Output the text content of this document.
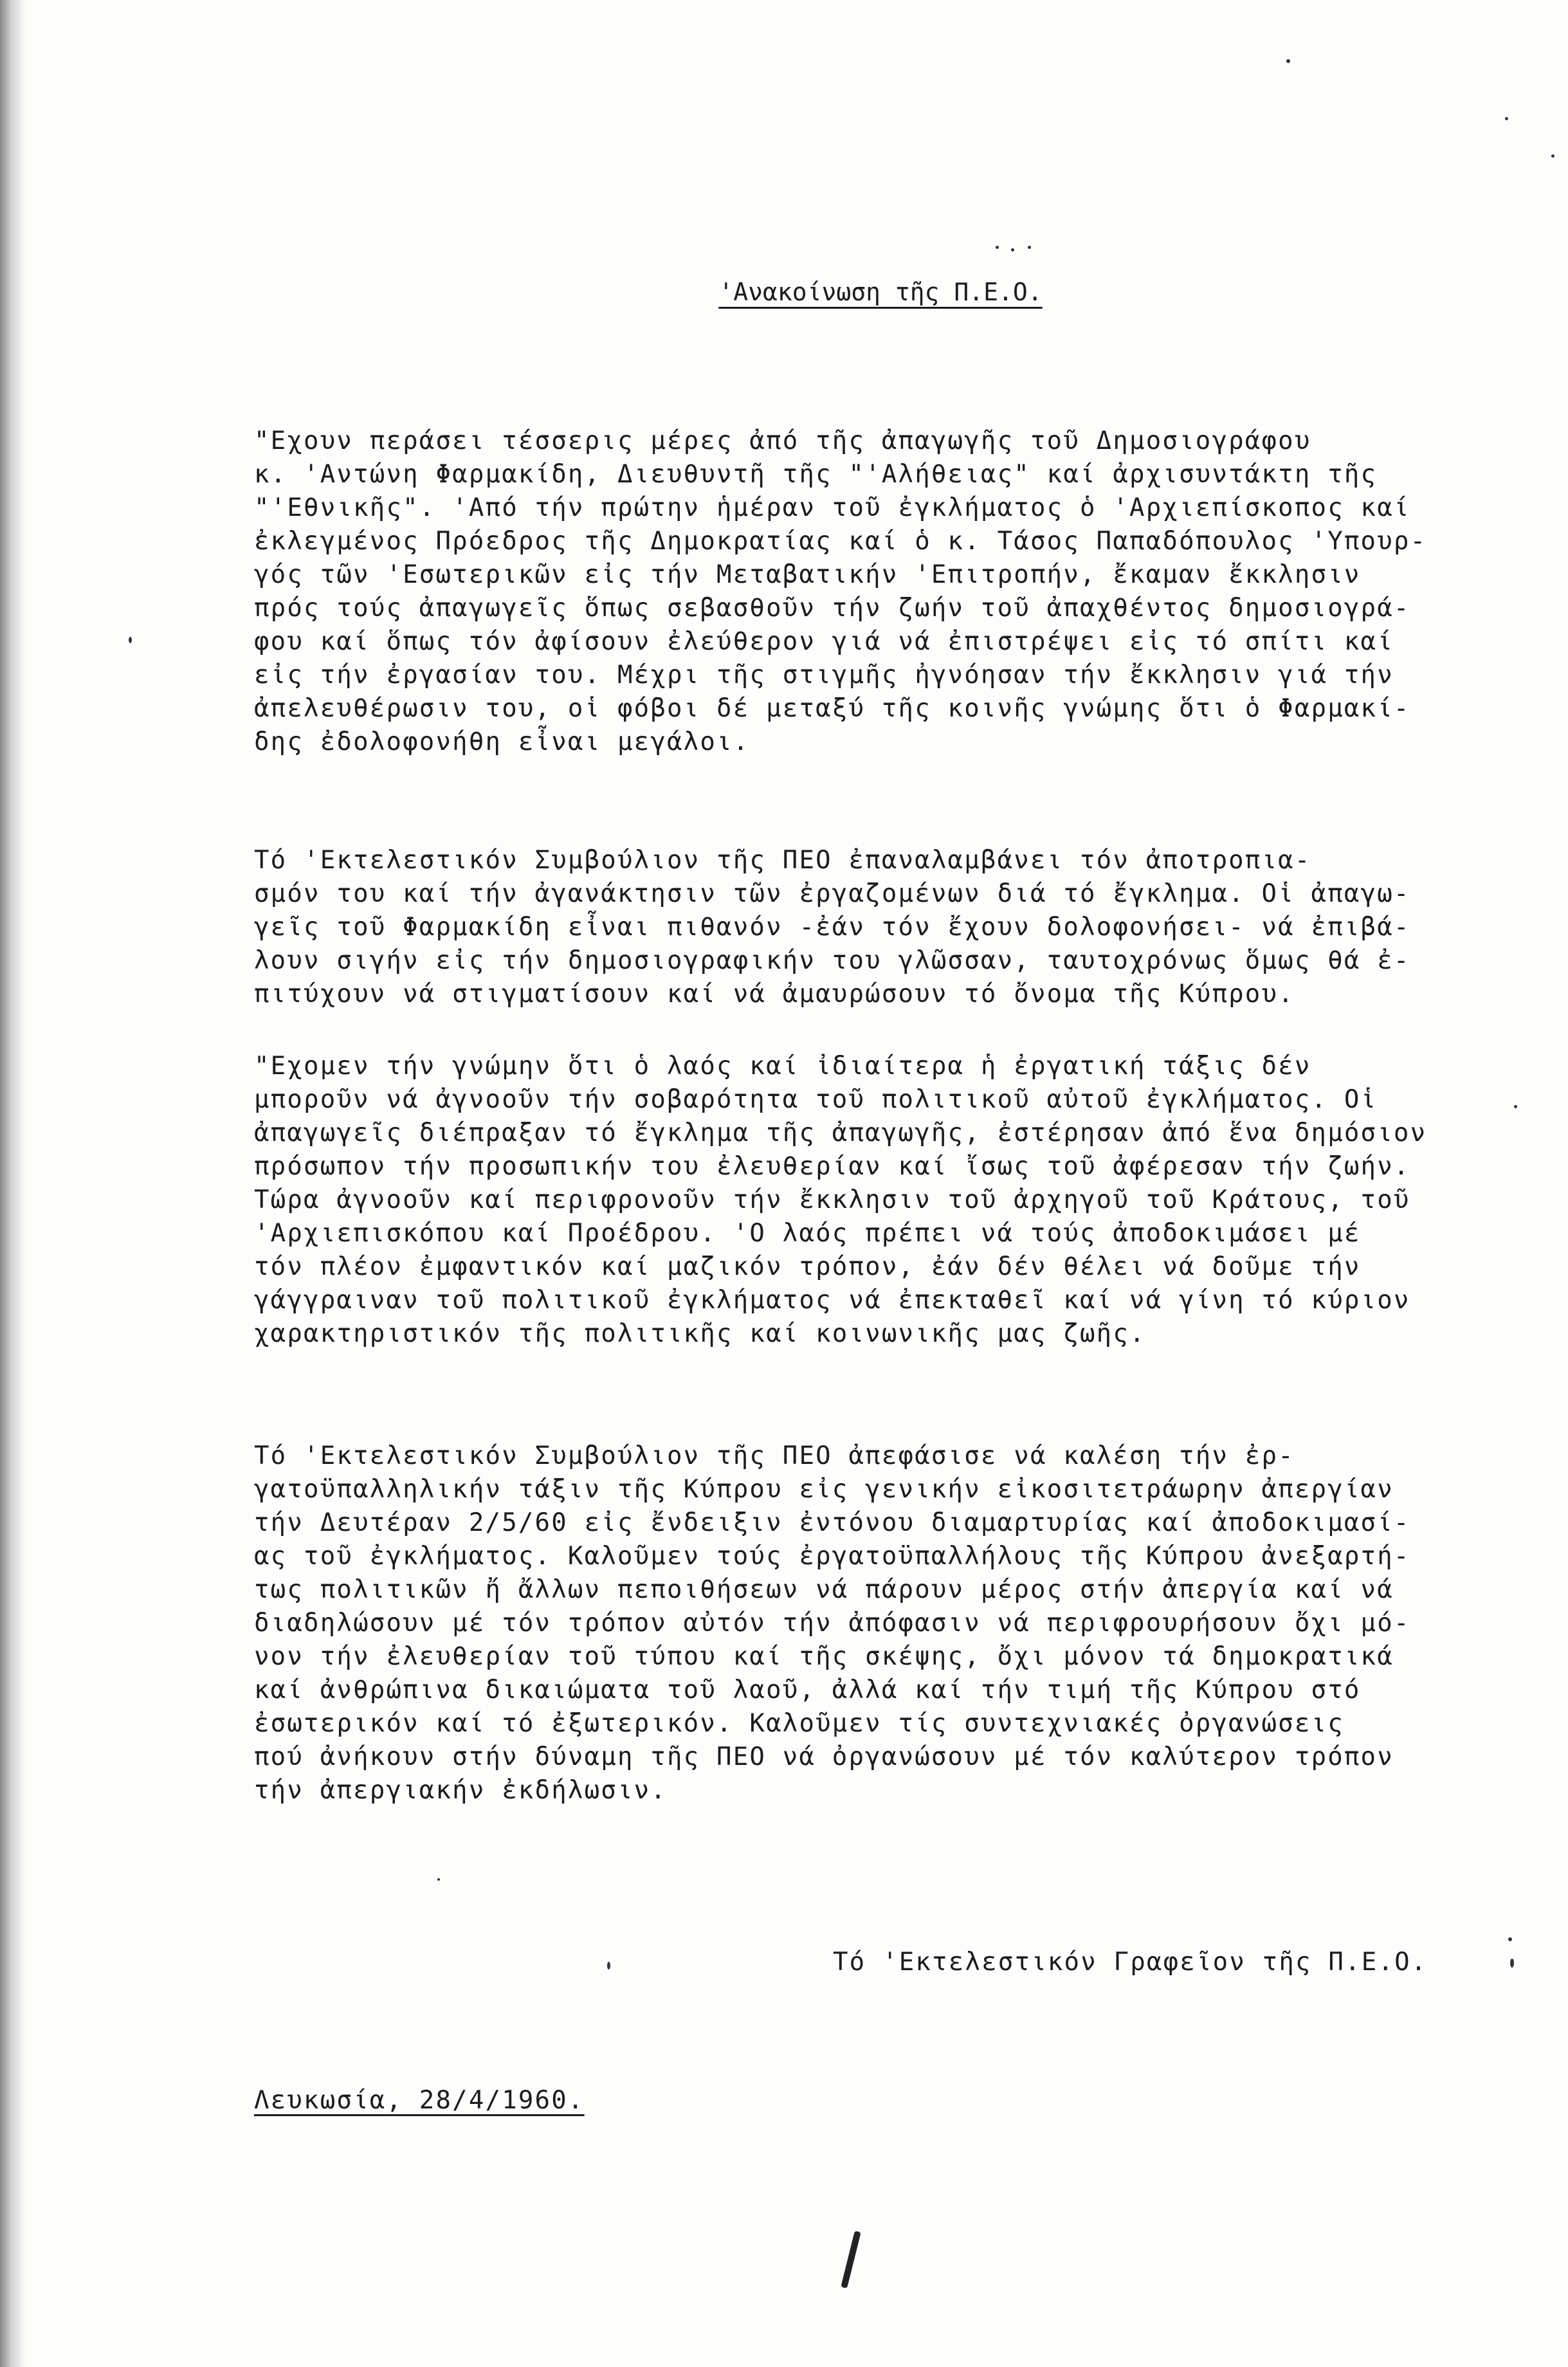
'Ανακοίνωση τῆς Π.Ε.Ο.
"Εχουν περάσει τέσσερις μέρες ἀπό τῆς ἀπαγωγῆς τοῦ Δημοσιογράφου
κ. 'Αντώνη Φαρμακίδη, Διευθυντῆ τῆς "'Αλήθειας" καί ἀρχισυντάκτη τῆς
"'Εθνικῆς". 'Από τήν πρώτην ἡμέραν τοῦ ἐγκλήματος ὁ 'Αρχιεπίσκοπος καί
ἐκλεγμένος Πρόεδρος τῆς Δημοκρατίας καί ὁ κ. Τάσος Παπαδόπουλος 'Υπουρ-
γός τῶν 'Εσωτερικῶν εἰς τήν Μεταβατικήν 'Επιτροπήν, ἔκαμαν ἔκκλησιν
πρός τούς ἀπαγωγεῖς ὅπως σεβασθοῦν τήν ζωήν τοῦ ἀπαχθέντος δημοσιογρά-
φου καί ὅπως τόν ἀφίσουν ἐλεύθερον γιά νά ἐπιστρέψει εἰς τό σπίτι καί
εἰς τήν ἐργασίαν του. Μέχρι τῆς στιγμῆς ἠγνόησαν τήν ἔκκλησιν γιά τήν
ἀπελευθέρωσιν του, οἱ φόβοι δέ μεταξύ τῆς κοινῆς γνώμης ὅτι ὁ Φαρμακί-
δης ἐδολοφονήθη εἶναι μεγάλοι.
Τό 'Εκτελεστικόν Συμβούλιον τῆς ΠΕΟ ἐπαναλαμβάνει τόν ἀποτροπια-
σμόν του καί τήν ἀγανάκτησιν τῶν ἐργαζομένων διά τό ἔγκλημα. Οἱ ἀπαγω-
γεῖς τοῦ Φαρμακίδη εἶναι πιθανόν -ἐάν τόν ἔχουν δολοφονήσει- νά ἐπιβά-
λουν σιγήν εἰς τήν δημοσιογραφικήν του γλῶσσαν, ταυτοχρόνως ὅμως θά ἐ-
πιτύχουν νά στιγματίσουν καί νά ἀμαυρώσουν τό ὄνομα τῆς Κύπρου.
"Εχομεν τήν γνώμην ὅτι ὁ λαός καί ἰδιαίτερα ἡ ἐργατική τάξις δέν
μποροῦν νά ἀγνοοῦν τήν σοβαρότητα τοῦ πολιτικοῦ αὐτοῦ ἐγκλήματος. Οἱ
ἀπαγωγεῖς διέπραξαν τό ἔγκλημα τῆς ἀπαγωγῆς, ἐστέρησαν ἀπό ἕνα δημόσιον
πρόσωπον τήν προσωπικήν του ἐλευθερίαν καί ἴσως τοῦ ἀφέρεσαν τήν ζωήν.
Τώρα ἀγνοοῦν καί περιφρονοῦν τήν ἔκκλησιν τοῦ ἀρχηγοῦ τοῦ Κράτους, τοῦ
'Αρχιεπισκόπου καί Προέδρου. 'Ο λαός πρέπει νά τούς ἀποδοκιμάσει μέ
τόν πλέον ἐμφαντικόν καί μαζικόν τρόπον, ἐάν δέν θέλει νά δοῦμε τήν
γάγγραιναν τοῦ πολιτικοῦ ἐγκλήματος νά ἐπεκταθεῖ καί νά γίνη τό κύριον
χαρακτηριστικόν τῆς πολιτικῆς καί κοινωνικῆς μας ζωῆς.
Τό 'Εκτελεστικόν Συμβούλιον τῆς ΠΕΟ ἀπεφάσισε νά καλέση τήν ἐρ-
γατοϋπαλληλικήν τάξιν τῆς Κύπρου εἰς γενικήν εἰκοσιτετράωρην ἀπεργίαν
τήν Δευτέραν 2/5/60 εἰς ἔνδειξιν ἐντόνου διαμαρτυρίας καί ἀποδοκιμασί-
ας τοῦ ἐγκλήματος. Καλοῦμεν τούς ἐργατοϋπαλλήλους τῆς Κύπρου ἀνεξαρτή-
τως πολιτικῶν ἤ ἄλλων πεποιθήσεων νά πάρουν μέρος στήν ἀπεργία καί νά
διαδηλώσουν μέ τόν τρόπον αὐτόν τήν ἀπόφασιν νά περιφρουρήσουν ὄχι μό-
νον τήν ἐλευθερίαν τοῦ τύπου καί τῆς σκέψης, ὄχι μόνον τά δημοκρατικά
καί ἀνθρώπινα δικαιώματα τοῦ λαοῦ, ἀλλά καί τήν τιμή τῆς Κύπρου στό
ἐσωτερικόν καί τό ἐξωτερικόν. Καλοῦμεν τίς συντεχνιακές ὀργανώσεις
πού ἀνήκουν στήν δύναμη τῆς ΠΕΟ νά ὀργανώσουν μέ τόν καλύτερον τρόπον
τήν ἀπεργιακήν ἐκδήλωσιν.
Τό 'Εκτελεστικόν Γραφεῖον τῆς Π.Ε.Ο.
Λευκωσία, 28/4/1960.
